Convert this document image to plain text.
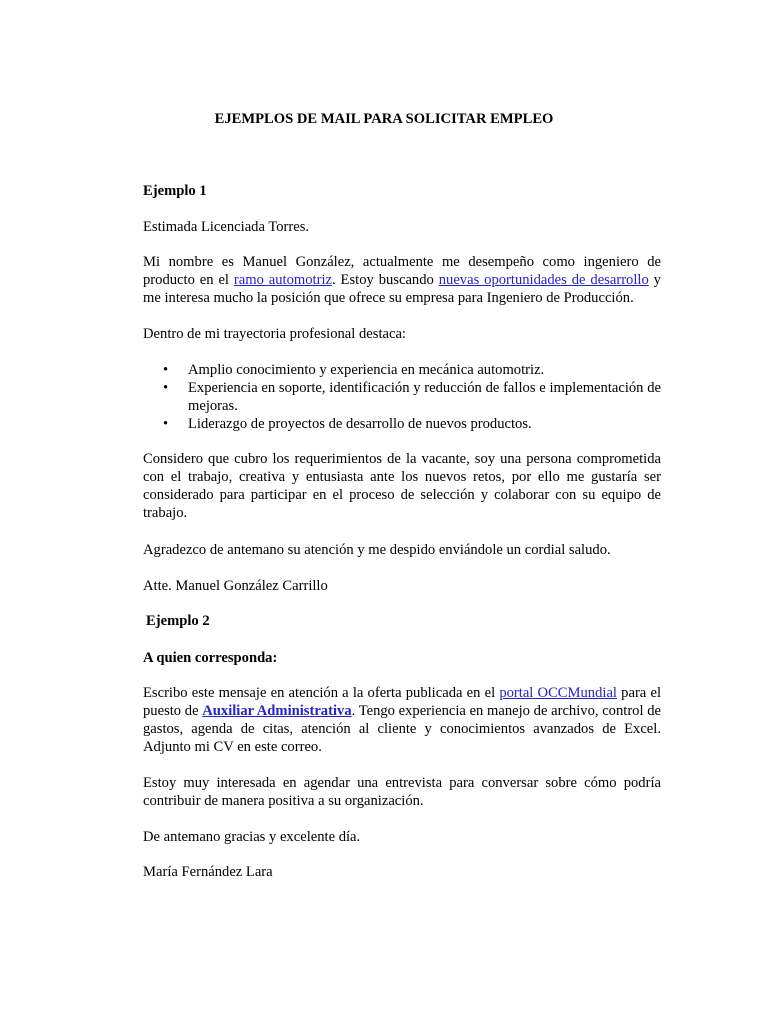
EJEMPLOS DE MAIL PARA SOLICITAR EMPLEO
Ejemplo 1
Estimada Licenciada Torres.
Mi nombre es Manuel González, actualmente me desempeño como ingeniero de producto en el ramo automotriz. Estoy buscando nuevas oportunidades de desarrollo y me interesa mucho la posición que ofrece su empresa para Ingeniero de Producción.
Dentro de mi trayectoria profesional destaca:
• Amplio conocimiento y experiencia en mecánica automotriz.
• Experiencia en soporte, identificación y reducción de fallos e implementación de mejoras.
• Liderazgo de proyectos de desarrollo de nuevos productos.
Considero que cubro los requerimientos de la vacante, soy una persona comprometida con el trabajo, creativa y entusiasta ante los nuevos retos, por ello me gustaría ser considerado para participar en el proceso de selección y colaborar con su equipo de trabajo.
Agradezco de antemano su atención y me despido enviándole un cordial saludo.
Atte. Manuel González Carrillo
Ejemplo 2
A quien corresponda:
Escribo este mensaje en atención a la oferta publicada en el portal OCCMundial para el puesto de Auxiliar Administrativa. Tengo experiencia en manejo de archivo, control de gastos, agenda de citas, atención al cliente y conocimientos avanzados de Excel. Adjunto mi CV en este correo.
Estoy muy interesada en agendar una entrevista para conversar sobre cómo podría contribuir de manera positiva a su organización.
De antemano gracias y excelente día.
María Fernández Lara
